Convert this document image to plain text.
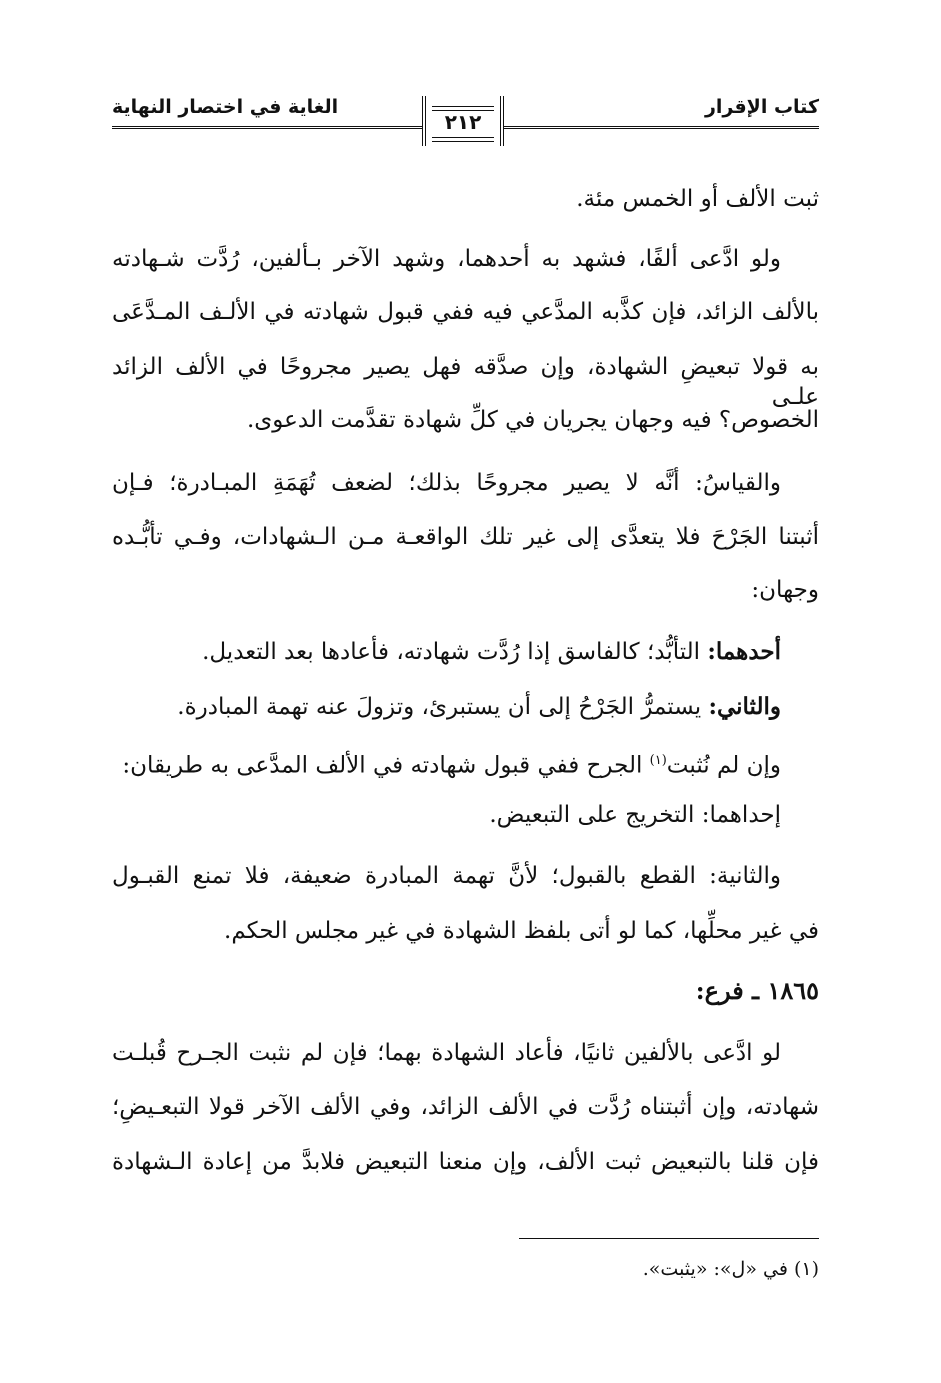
كتاب الإقرار
الغاية في اختصار النهاية
٢١٢
ثبت الألف أو الخمس مئة.
ولو ادَّعى ألفًا، فشهد به أحدهما، وشهد الآخر بـألفين، رُدَّت شـهادته
بالألف الزائد، فإن كذَّبه المدَّعي فيه ففي قبول شهادته في الألـف المـدَّعَى
به قولا تبعيضِ الشهادة، وإن صدَّقه فهل يصير مجروحًا في الألف الزائد علـى
الخصوص؟ فيه وجهان يجريان في كلِّ شهادة تقدَّمت الدعوى.
والقياسُ: أنَّه لا يصير مجروحًا بذلك؛ لضعف تُهَمَةِ المبـادرة؛ فـإن
أثبتنا الجَرْحَ فلا يتعدَّى إلى غير تلك الواقعـة مـن الـشهادات، وفـي تأبُّـده
وجهان:
أحدهما: التأبُّد؛ كالفاسق إذا رُدَّت شهادته، فأعادها بعد التعديل.
والثاني: يستمرُّ الجَرْحُ إلى أن يستبرئ، وتزولَ عنه تهمة المبادرة.
وإن لم نُثبت$^{(١)}$ الجرح ففي قبول شهادته في الألف المدَّعى به طريقان:
إحداهما: التخريج على التبعيض.
والثانية: القطع بالقبول؛ لأنَّ تهمة المبادرة ضعيفة، فلا تمنع القبـول
في غير محلِّها، كما لو أتى بلفظ الشهادة في غير مجلس الحكم.
١٨٦٥ ـ فرع:
لو ادَّعى بالألفين ثانيًا، فأعاد الشهادة بهما؛ فإن لم نثبت الجـرح قُبلـت
شهادته، وإن أثبتناه رُدَّت في الألف الزائد، وفي الألف الآخر قولا التبعـيضِ؛
فإن قلنا بالتبعيض ثبت الألف، وإن منعنا التبعيض فلابدَّ من إعادة الـشهادة
(١) في «ل»: «يثبت».
